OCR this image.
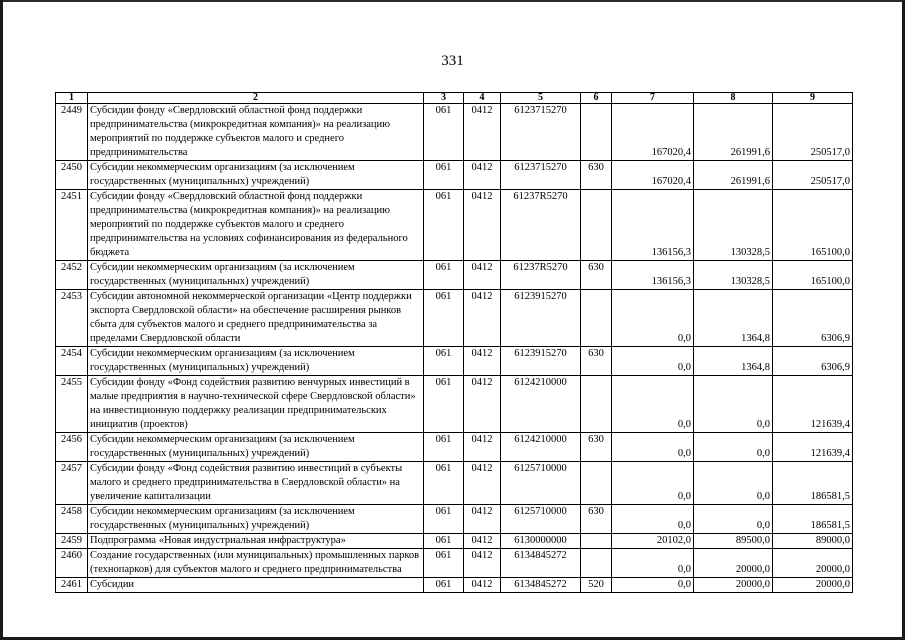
331
1	2	3	4	5	6	7	8	9
2449	Субсидии фонду «Свердловский областной фонд поддержки предпринимательства (микрокредитная компания)» на реализацию мероприятий по поддержке субъектов малого и среднего предпринимательства	061	0412	6123715270		167020,4	261991,6	250517,0
2450	Субсидии некоммерческим организациям (за исключением государственных (муниципальных) учреждений)	061	0412	6123715270	630	167020,4	261991,6	250517,0
2451	Субсидии фонду «Свердловский областной фонд поддержки предпринимательства (микрокредитная компания)» на реализацию мероприятий по поддержке субъектов малого и среднего предпринимательства на условиях софинансирования из федерального бюджета	061	0412	61237R5270		136156,3	130328,5	165100,0
2452	Субсидии некоммерческим организациям (за исключением государственных (муниципальных) учреждений)	061	0412	61237R5270	630	136156,3	130328,5	165100,0
2453	Субсидии автономной некоммерческой организации «Центр поддержки экспорта Свердловской области» на обеспечение расширения рынков сбыта для субъектов малого и среднего предпринимательства за пределами Свердловской области	061	0412	6123915270		0,0	1364,8	6306,9
2454	Субсидии некоммерческим организациям (за исключением государственных (муниципальных) учреждений)	061	0412	6123915270	630	0,0	1364,8	6306,9
2455	Субсидии фонду «Фонд содействия развитию венчурных инвестиций в малые предприятия в научно-технической сфере Свердловской области» на инвестиционную поддержку реализации предпринимательских инициатив (проектов)	061	0412	6124210000		0,0	0,0	121639,4
2456	Субсидии некоммерческим организациям (за исключением государственных (муниципальных) учреждений)	061	0412	6124210000	630	0,0	0,0	121639,4
2457	Субсидии фонду «Фонд содействия развитию инвестиций в субъекты малого и среднего предпринимательства в Свердловской области» на увеличение капитализации	061	0412	6125710000		0,0	0,0	186581,5
2458	Субсидии некоммерческим организациям (за исключением государственных (муниципальных) учреждений)	061	0412	6125710000	630	0,0	0,0	186581,5
2459	Подпрограмма «Новая индустриальная инфраструктура»	061	0412	6130000000		20102,0	89500,0	89000,0
2460	Создание государственных (или муниципальных) промышленных парков (технопарков) для субъектов малого и среднего предпринимательства	061	0412	6134845272		0,0	20000,0	20000,0
2461	Субсидии	061	0412	6134845272	520	0,0	20000,0	20000,0
